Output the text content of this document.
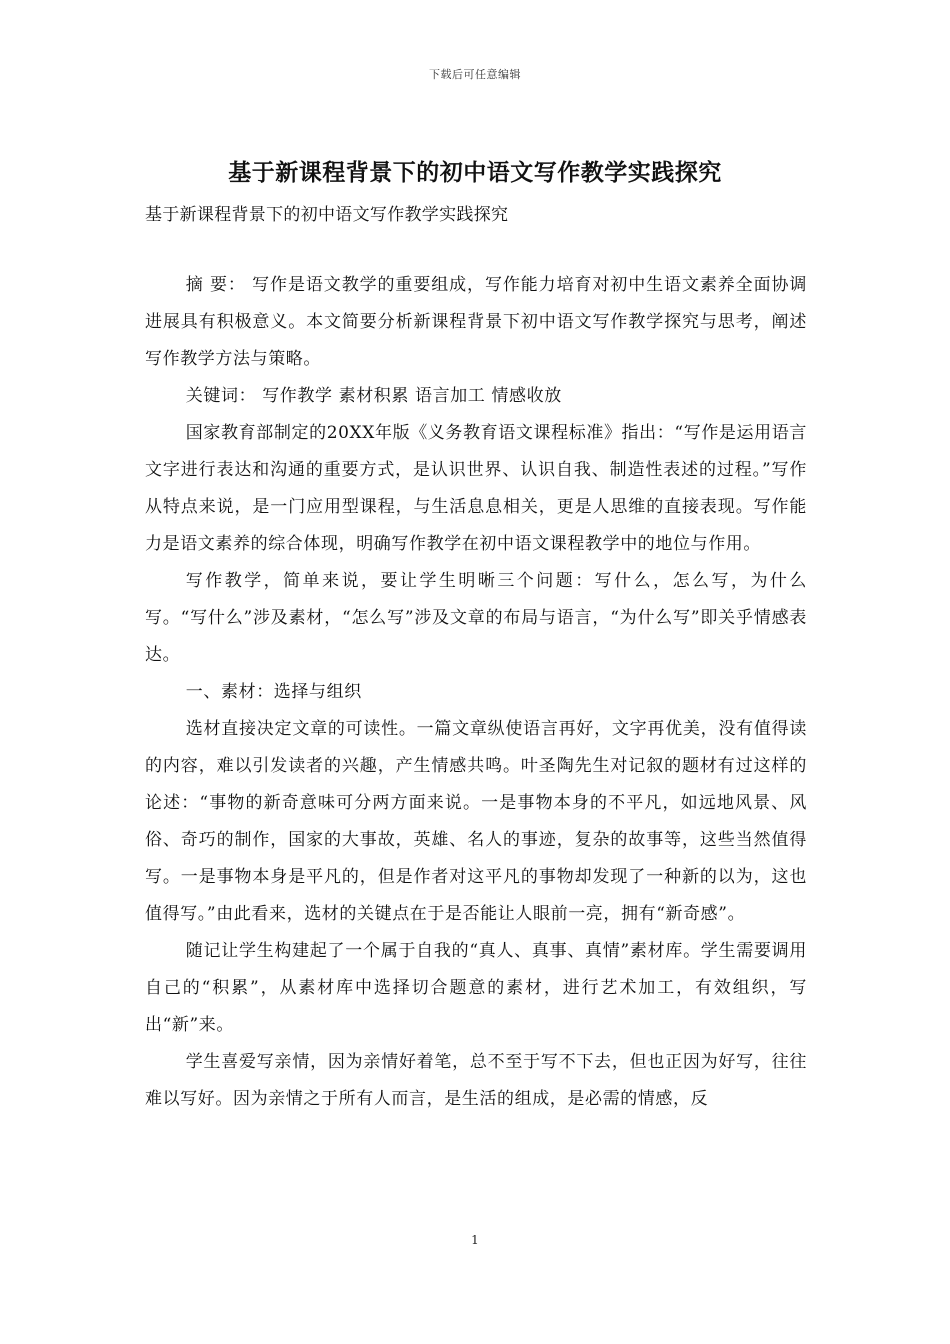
下载后可任意编辑
基于新课程背景下的初中语文写作教学实践探究
基于新课程背景下的初中语文写作教学实践探究

摘 要： 写作是语文教学的重要组成，写作能力培育对初中生语文素养全面协调进展具有积极意义。本文简要分析新课程背景下初中语文写作教学探究与思考，阐述写作教学方法与策略。

关键词： 写作教学 素材积累 语言加工 情感收放

国家教育部制定的20XX年版《义务教育语文课程标准》指出：“写作是运用语言文字进行表达和沟通的重要方式，是认识世界、认识自我、制造性表述的过程。”写作从特点来说，是一门应用型课程，与生活息息相关，更是人思维的直接表现。写作能力是语文素养的综合体现，明确写作教学在初中语文课程教学中的地位与作用。

写作教学，简单来说，要让学生明晰三个问题：写什么，怎么写，为什么写。“写什么”涉及素材，“怎么写”涉及文章的布局与语言，“为什么写”即关乎情感表达。

一、素材：选择与组织

选材直接决定文章的可读性。一篇文章纵使语言再好，文字再优美，没有值得读的内容，难以引发读者的兴趣，产生情感共鸣。叶圣陶先生对记叙的题材有过这样的论述：“事物的新奇意味可分两方面来说。一是事物本身的不平凡，如远地风景、风俗、奇巧的制作，国家的大事故，英雄、名人的事迹，复杂的故事等，这些当然值得写。一是事物本身是平凡的，但是作者对这平凡的事物却发现了一种新的以为，这也值得写。”由此看来，选材的关键点在于是否能让人眼前一亮，拥有“新奇感”。

随记让学生构建起了一个属于自我的“真人、真事、真情”素材库。学生需要调用自己的“积累”，从素材库中选择切合题意的素材，进行艺术加工，有效组织，写出“新”来。

学生喜爱写亲情，因为亲情好着笔，总不至于写不下去，但也正因为好写，往往难以写好。因为亲情之于所有人而言，是生活的组成，是必需的情感，反

1
